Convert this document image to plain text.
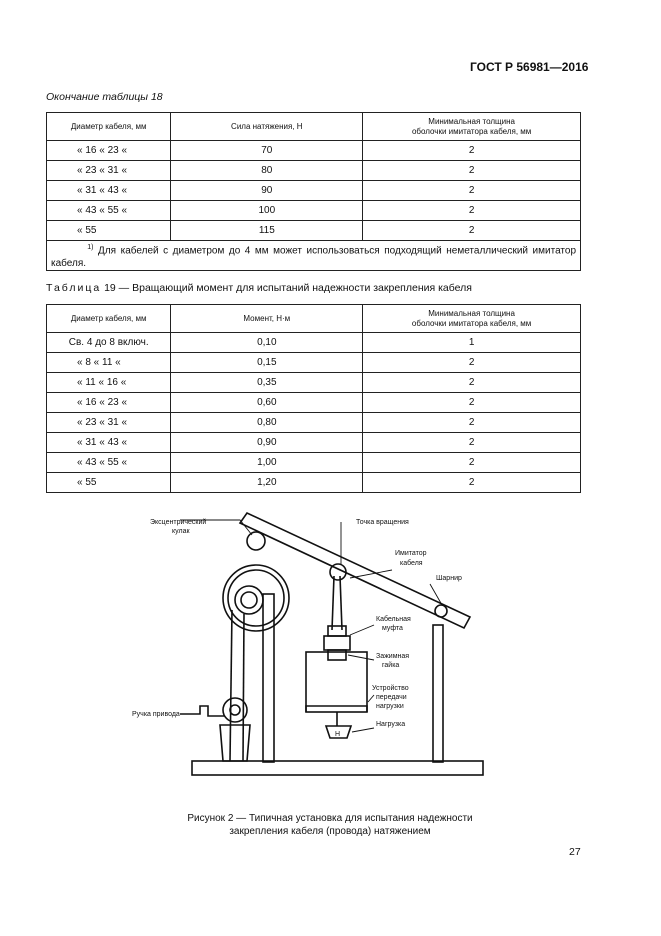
ГОСТ Р 56981—2016
Окончание таблицы 18
Диаметр кабеля, мм	Сила натяжения, Н	Минимальная толщина
оболочки имитатора кабеля, мм
« 16 « 23 «	70	2
« 23 « 31 «	80	2
« 31 « 43 «	90	2
« 43 « 55 «	100	2
« 55	115	2
$^{1)}$ Для кабелей с диаметром до 4 мм может использоваться подходящий неметаллический имитатор кабеля.		
Таблица 19 — Вращающий момент для испытаний надежности закрепления кабеля
Диаметр кабеля, мм	Момент, Н·м	Минимальная толщина
оболочки имитатора кабеля, мм
Св. 4 до 8 включ.	0,10	1
« 8 « 11 «	0,15	2
« 11 « 16 «	0,35	2
« 16 « 23 «	0,60	2
« 23 « 31 «	0,80	2
« 31 « 43 «	0,90	2
« 43 « 55 «	1,00	2
« 55	1,20	2
Эксцентрический
кулак
Точка вращения
Имитатор
кабеля
Шарнир
Кабельная
муфта
Зажимная
гайка
Устройство
передачи
нагрузки
Нагрузка
Ручка привода
Н
Рисунок 2 — Типичная установка для испытания надежности
закрепления кабеля (провода) натяжением
27
